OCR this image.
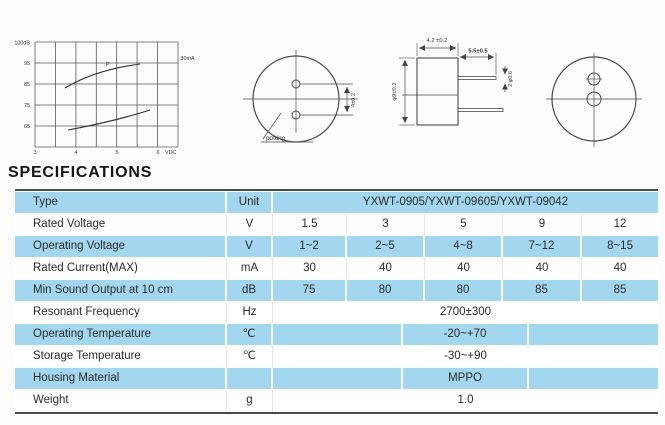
100dB
95
85
75
65
3	4	5	6 VDC
30mA
P
4±0.2
potting
4.2 ±0.2
5.5±0.5
2-φ0.6
φ9±0.2
SPECIFICATIONS
Type	Unit	YXWT-0905/YXWT-09605/YXWT-09042				
Rated Voltage	V	1.5	3	5	9	12
Operating Voltage	V	1~2	2~5	4~8	7~12	8~15
Rated Current(MAX)	mA	30	40	40	40	40
Min Sound Output at 10 cm	dB	75	80	80	85	85
Resonant Frequency	Hz	2700±300				
Operating Temperature	℃	-20~+70				

Storage Temperature	℃	-30~+90				
Housing Material		MPPO				

Weight	g	1.0				
